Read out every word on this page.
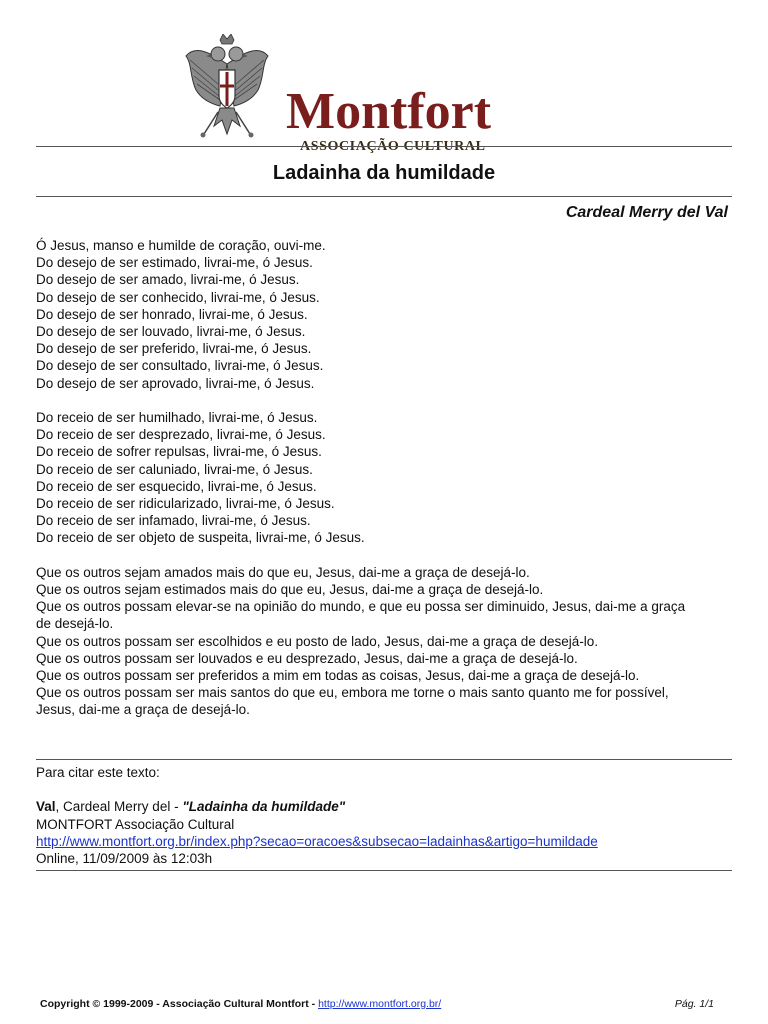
Montfort
ASSOCIAÇÃO CULTURAL
Ladainha da humildade
Cardeal Merry del Val
Ó Jesus, manso e humilde de coração, ouvi-me.
Do desejo de ser estimado, livrai-me, ó Jesus.
Do desejo de ser amado, livrai-me, ó Jesus.
Do desejo de ser conhecido, livrai-me, ó Jesus.
Do desejo de ser honrado, livrai-me, ó Jesus.
Do desejo de ser louvado, livrai-me, ó Jesus.
Do desejo de ser preferido, livrai-me, ó Jesus.
Do desejo de ser consultado, livrai-me, ó Jesus.
Do desejo de ser aprovado, livrai-me, ó Jesus.
Do receio de ser humilhado, livrai-me, ó Jesus.
Do receio de ser desprezado, livrai-me, ó Jesus.
Do receio de sofrer repulsas, livrai-me, ó Jesus.
Do receio de ser caluniado, livrai-me, ó Jesus.
Do receio de ser esquecido, livrai-me, ó Jesus.
Do receio de ser ridicularizado, livrai-me, ó Jesus.
Do receio de ser infamado, livrai-me, ó Jesus.
Do receio de ser objeto de suspeita, livrai-me, ó Jesus.
Que os outros sejam amados mais do que eu, Jesus, dai-me a graça de desejá-lo.
Que os outros sejam estimados mais do que eu, Jesus, dai-me a graça de desejá-lo.
Que os outros possam elevar-se na opinião do mundo, e que eu possa ser diminuido, Jesus, dai-me a graça
de desejá-lo.
Que os outros possam ser escolhidos e eu posto de lado, Jesus, dai-me a graça de desejá-lo.
Que os outros possam ser louvados e eu desprezado, Jesus, dai-me a graça de desejá-lo.
Que os outros possam ser preferidos a mim em todas as coisas, Jesus, dai-me a graça de desejá-lo.
Que os outros possam ser mais santos do que eu, embora me torne o mais santo quanto me for possível,
Jesus, dai-me a graça de desejá-lo.
Para citar este texto:
Val, Cardeal Merry del - "Ladainha da humildade"
MONTFORT Associação Cultural
http://www.montfort.org.br/index.php?secao=oracoes&subsecao=ladainhas&artigo=humildade
Online, 11/09/2009 às 12:03h
Copyright © 1999-2009 - Associação Cultural Montfort - http://www.montfort.org.br/	Pág. 1/1
